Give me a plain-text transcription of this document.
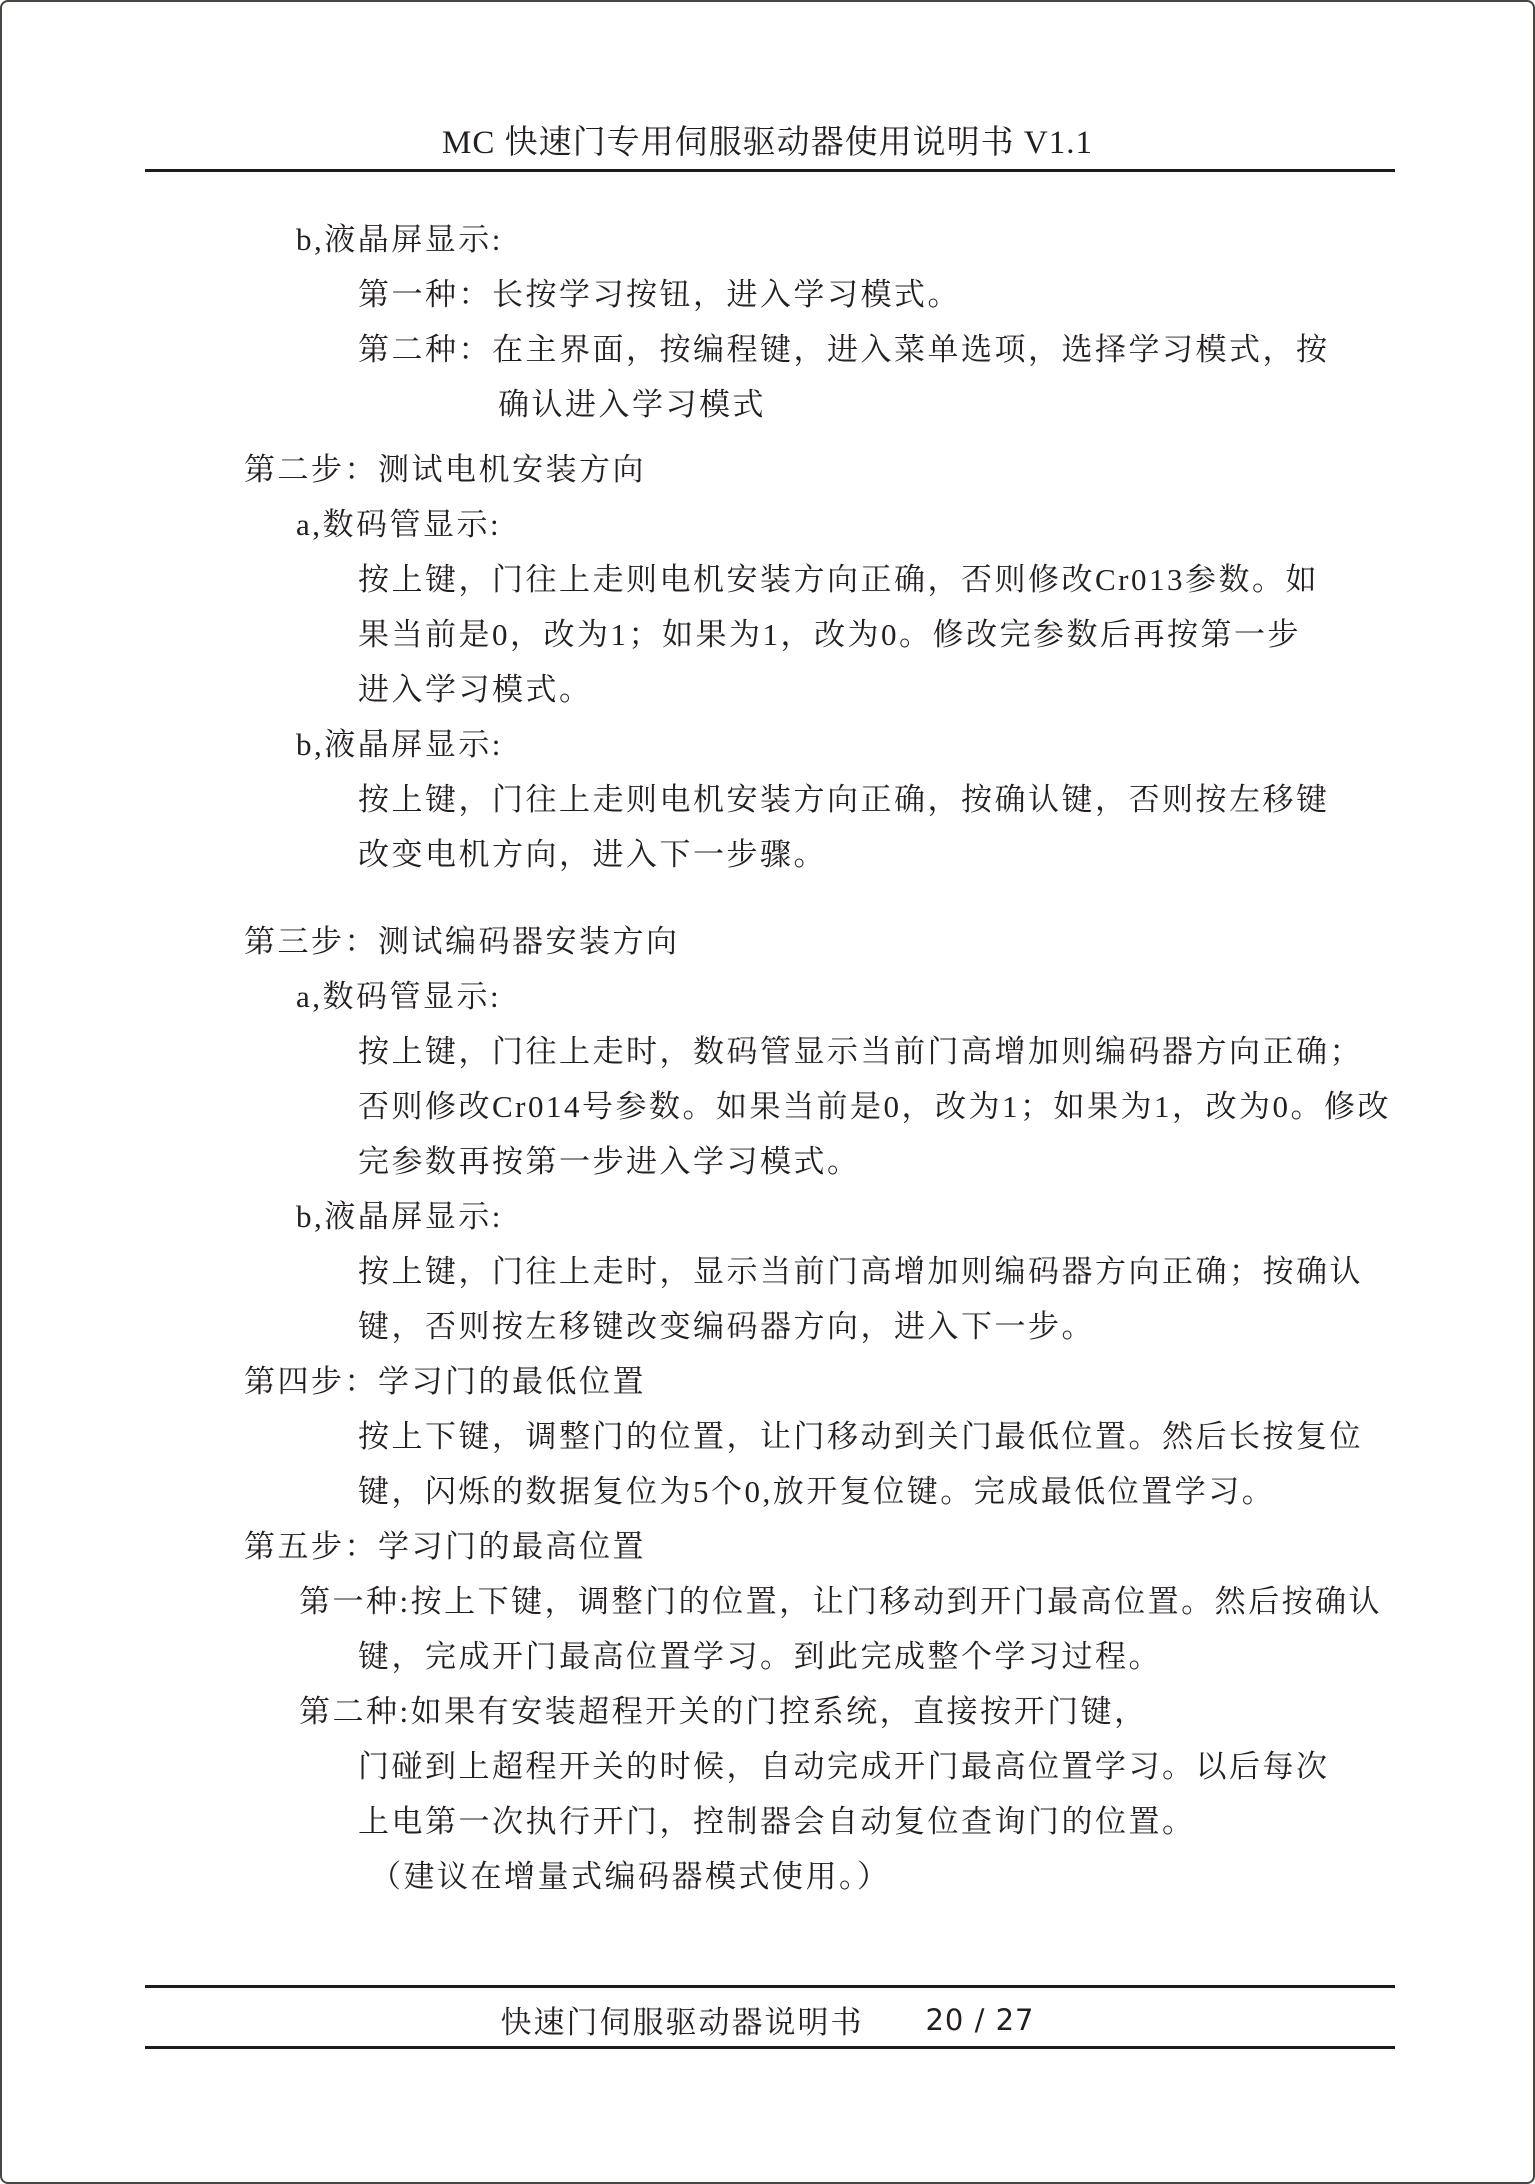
MC 快速门专用伺服驱动器使用说明书 V1.1
b,液晶屏显示:
第一种：长按学习按钮，进入学习模式。
第二种：在主界面，按编程键，进入菜单选项，选择学习模式，按
确认进入学习模式
第二步：测试电机安装方向
a,数码管显示:
按上键，门往上走则电机安装方向正确，否则修改Cr013参数。如
果当前是0，改为1；如果为1，改为0。修改完参数后再按第一步
进入学习模式。
b,液晶屏显示:
按上键，门往上走则电机安装方向正确，按确认键，否则按左移键
改变电机方向，进入下一步骤。
第三步：测试编码器安装方向
a,数码管显示:
按上键，门往上走时，数码管显示当前门高增加则编码器方向正确；
否则修改Cr014号参数。如果当前是0，改为1；如果为1，改为0。修改
完参数再按第一步进入学习模式。
b,液晶屏显示:
按上键，门往上走时，显示当前门高增加则编码器方向正确；按确认
键，否则按左移键改变编码器方向，进入下一步。
第四步：学习门的最低位置
按上下键，调整门的位置，让门移动到关门最低位置。然后长按复位
键，闪烁的数据复位为5个0,放开复位键。完成最低位置学习。
第五步：学习门的最高位置
第一种:按上下键，调整门的位置，让门移动到开门最高位置。然后按确认
键，完成开门最高位置学习。到此完成整个学习过程。
第二种:如果有安装超程开关的门控系统，直接按开门键，
门碰到上超程开关的时候，自动完成开门最高位置学习。以后每次
上电第一次执行开门，控制器会自动复位查询门的位置。
（建议在增量式编码器模式使用。）
快速门伺服驱动器说明书 20 / 27
